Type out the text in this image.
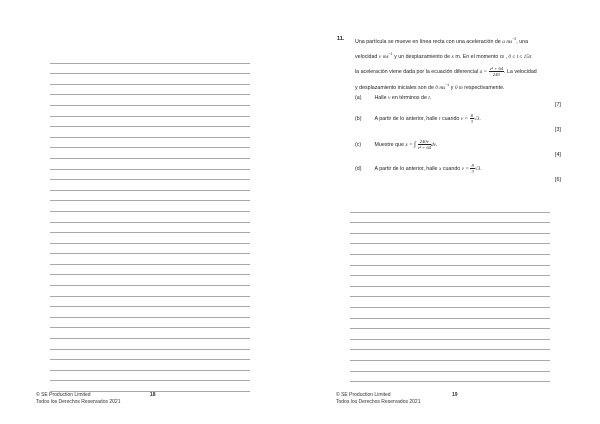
© SE Production Limited
Todos los Derechos Reservados 2021
18	© SE Production Limited
Todos los Derechos Reservados 2021
19
11. Una partícula se mueve en línea recta con una aceleración de a $ms^{-2}$, una

velocidad v $ms^{-1}$ y un desplazamiento de x m. En el momento ts , 0 ≤ t ≤ 15π

la aceleración viene dada por la ecuación diferencial $a = \frac{\text{v² + 64}}{240}$ . La velocidad

y desplazamiento iniciales son de 0 $ms^{-1}$ y 0 m respectivamente.

(a) Halle v en términos de t.
[7]
(b) A partir de lo anterior, halle t cuando $v = \frac{8}{3} √3$.
[3]
(c)	Muestre que x = ∫ $\frac{240v}{\text{v² + 64}}$ dv.
[4]
(d) A partir de lo anterior, halle x cuando $v = \frac{8}{3} √3$.
[6]
